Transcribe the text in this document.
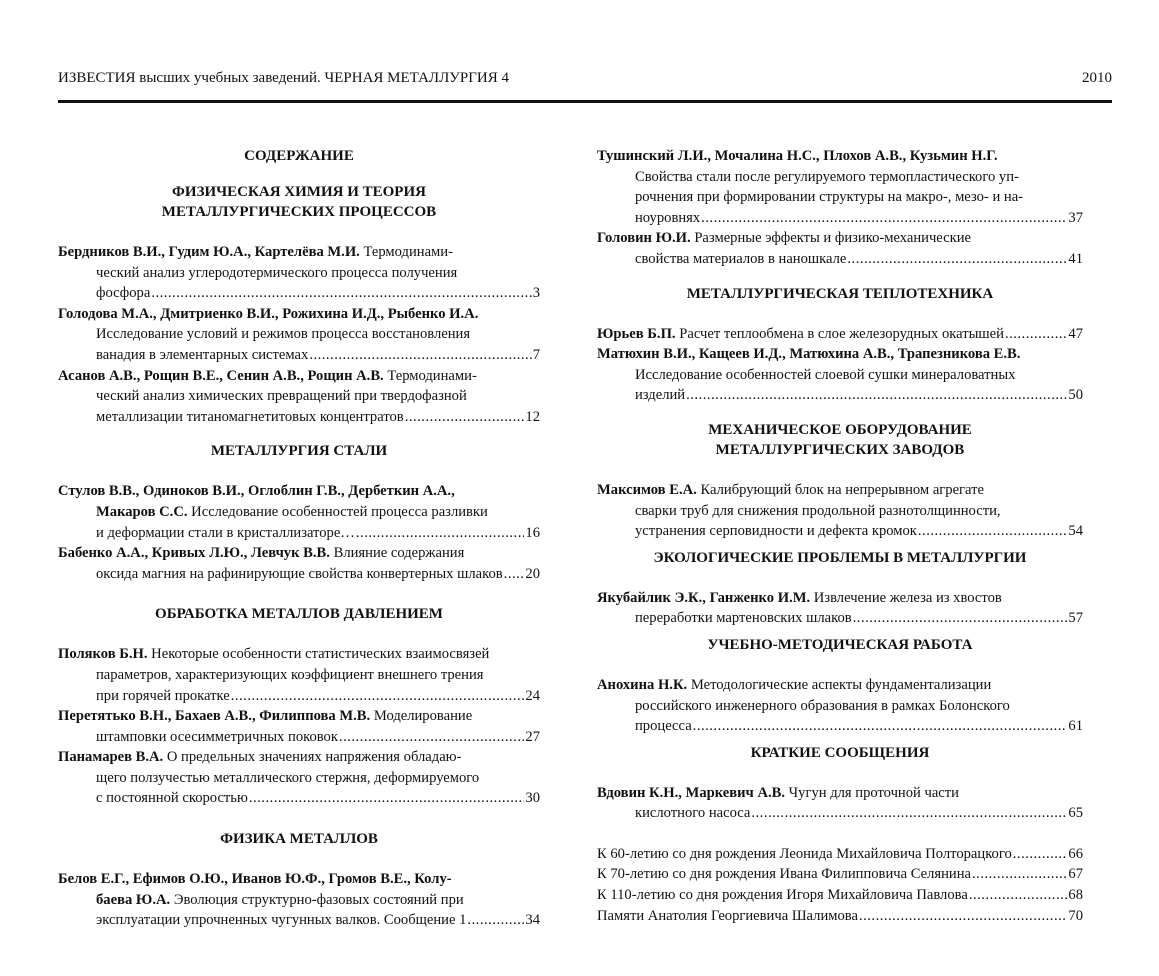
ИЗВЕСТИЯ высших учебных заведений. ЧЕРНАЯ МЕТАЛЛУРГИЯ 4	2010
СОДЕРЖАНИЕ
ФИЗИЧЕСКАЯ ХИМИЯ И ТЕОРИЯ
МЕТАЛЛУРГИЧЕСКИХ ПРОЦЕССОВ
Бердников В.И., Гудим Ю.А., Картелёва М.И. Термодинами-
ческий анализ углеродотермического процесса получения
фосфора .....	3
Голодова М.А., Дмитриенко В.И., Рожихина И.Д., Рыбенко И.А.
Исследование условий и режимов процесса восстановления
ванадия в элементарных системах .....	7
Асанов А.В., Рощин В.Е., Сенин А.В., Рощин А.В. Термодинами-
ческий анализ химических превращений при твердофазной
металлизации титаномагнетитовых концентратов .....	12
МЕТАЛЛУРГИЯ СТАЛИ
Стулов В.В., Одиноков В.И., Оглоблин Г.В., Дербеткин А.А.,
Макаров С.С. Исследование особенностей процесса разливки
и деформации стали в кристаллизаторе… .....	16
Бабенко А.А., Кривых Л.Ю., Левчук В.В. Влияние содержания
оксида магния на рафинирующие свойства конвертерных шлаков ..... 20
ОБРАБОТКА МЕТАЛЛОВ ДАВЛЕНИЕМ
Поляков Б.Н. Некоторые особенности статистических взаимосвязей
параметров, характеризующих коэффициент внешнего трения
при горячей прокатке .....	24
Перетятько В.Н., Бахаев А.В., Филиппова М.В. Моделирование
штамповки осесимметричных поковок .....	27
Панамарев В.А. О предельных значениях напряжения обладаю-
щего ползучестью металлического стержня, деформируемого
с постоянной скоростью .....	30
ФИЗИКА МЕТАЛЛОВ
Белов Е.Г., Ефимов О.Ю., Иванов Ю.Ф., Громов В.Е., Колу-
баева Ю.А. Эволюция структурно-фазовых состояний при
эксплуатации упрочненных чугунных валков. Сообщение 1 .....	34
Тушинский Л.И., Мочалина Н.С., Плохов А.В., Кузьмин Н.Г.
Свойства стали после регулируемого термопластического уп-
рочнения при формировании структуры на макро-, мезо- и на-
ноуровнях .....	37
Головин Ю.И. Размерные эффекты и физико-механические
свойства материалов в наношкале .....	41
МЕТАЛЛУРГИЧЕСКАЯ ТЕПЛОТЕХНИКА
Юрьев Б.П. Расчет теплообмена в слое железорудных окатышей .....	47
Матюхин В.И., Кащеев И.Д., Матюхина А.В., Трапезникова Е.В.
Исследование особенностей слоевой сушки минераловатных
изделий .....	50
МЕХАНИЧЕСКОЕ ОБОРУДОВАНИЕ
МЕТАЛЛУРГИЧЕСКИХ ЗАВОДОВ
Максимов Е.А. Калибрующий блок на непрерывном агрегате
сварки труб для снижения продольной разнотолщинности,
устранения серповидности и дефекта кромок .....	54
ЭКОЛОГИЧЕСКИЕ ПРОБЛЕМЫ В МЕТАЛЛУРГИИ
Якубайлик Э.К., Ганженко И.М. Извлечение железа из хвостов
переработки мартеновских шлаков .....	57
УЧЕБНО-МЕТОДИЧЕСКАЯ РАБОТА
Анохина Н.К. Методологические аспекты фундаментализации
российского инженерного образования в рамках Болонского
процесса .....	61
КРАТКИЕ СООБЩЕНИЯ
Вдовин К.Н., Маркевич А.В. Чугун для проточной части
кислотного насоса .....	65
К 60-летию со дня рождения Леонида Михайловича Полторацкого .....	66
К 70-летию со дня рождения Ивана Филипповича Селянина .....	67
К 110-летию со дня рождения Игоря Михайловича Павлова .....	68
Памяти Анатолия Георгиевича Шалимова .....	70
